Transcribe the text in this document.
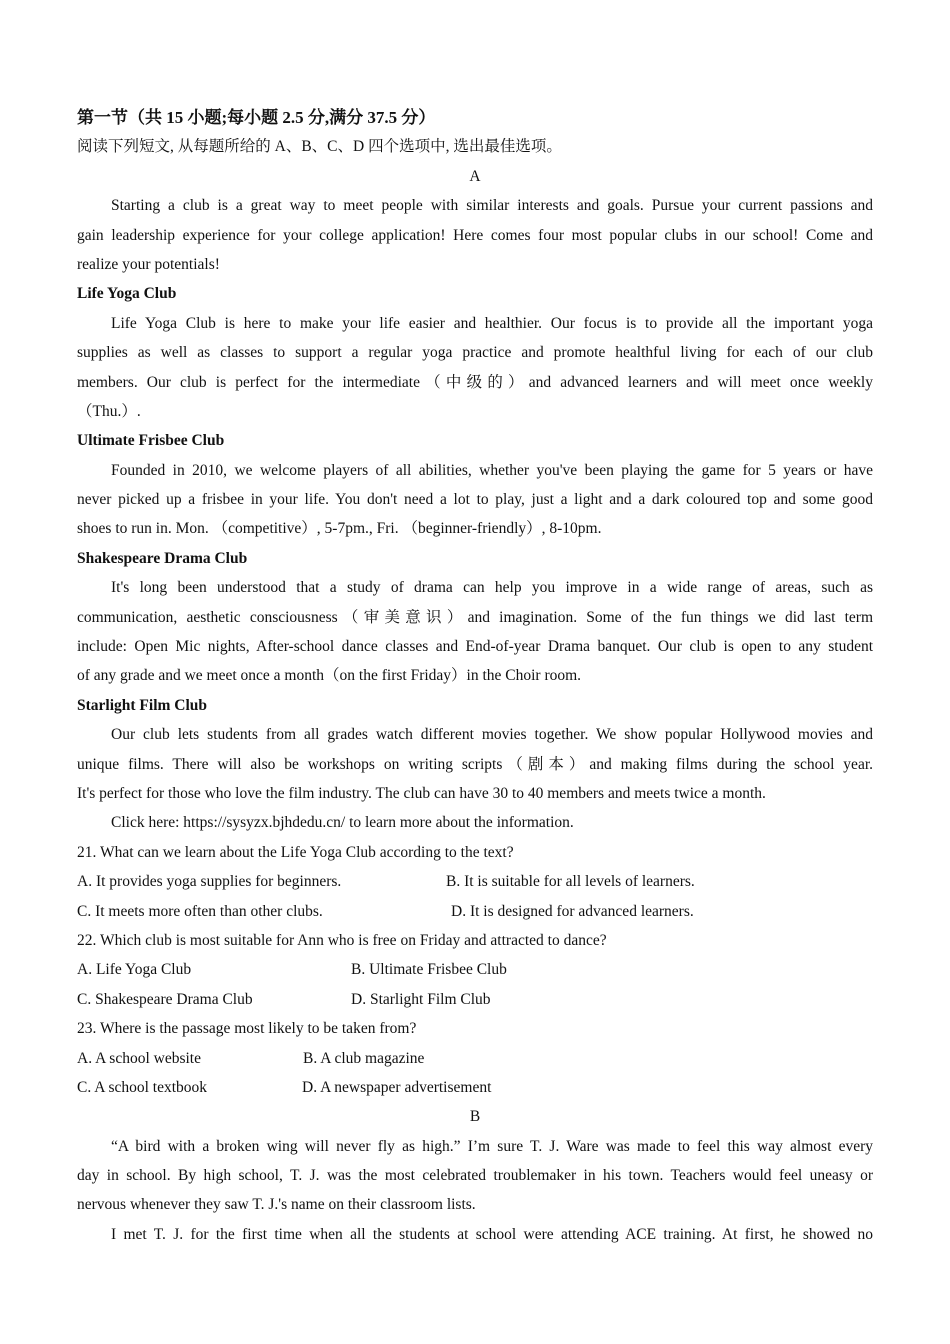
第一节（共 15 小题;每小题 2.5 分,满分 37.5 分）
阅读下列短文, 从每题所给的 A、B、C、D 四个选项中, 选出最佳选项。
A
Starting a club is a great way to meet people with similar interests and goals. Pursue your current passions and
gain leadership experience for your college application! Here comes four most popular clubs in our school! Come and
realize your potentials!
Life Yoga Club
Life Yoga Club is here to make your life easier and healthier. Our focus is to provide all the important yoga
supplies as well as classes to support a regular yoga practice and promote healthful living for each of our club
members. Our club is perfect for the intermediate（中级的）and advanced learners and will meet once weekly
（Thu.）.
Ultimate Frisbee Club
Founded in 2010, we welcome players of all abilities, whether you've been playing the game for 5 years or have
never picked up a frisbee in your life. You don't need a lot to play, just a light and a dark coloured top and some good
shoes to run in. Mon. （competitive）, 5-7pm., Fri. （beginner-friendly）, 8-10pm.
Shakespeare Drama Club
It's long been understood that a study of drama can help you improve in a wide range of areas, such as
communication, aesthetic consciousness（审美意识）and imagination. Some of the fun things we did last term
include: Open Mic nights, After-school dance classes and End-of-year Drama banquet. Our club is open to any student
of any grade and we meet once a month（on the first Friday）in the Choir room.
Starlight Film Club
Our club lets students from all grades watch different movies together. We show popular Hollywood movies and
unique films. There will also be workshops on writing scripts（剧本）and making films during the school year.
It's perfect for those who love the film industry. The club can have 30 to 40 members and meets twice a month.
Click here: https://sysyzx.bjhdedu.cn/ to learn more about the information.
21. What can we learn about the Life Yoga Club according to the text?
A. It provides yoga supplies for beginners.	B. It is suitable for all levels of learners.
C. It meets more often than other clubs.	D. It is designed for advanced learners.
22. Which club is most suitable for Ann who is free on Friday and attracted to dance?
A. Life Yoga Club	B. Ultimate Frisbee Club
C. Shakespeare Drama Club	D. Starlight Film Club
23. Where is the passage most likely to be taken from?
A. A school website	B. A club magazine
C. A school textbook	D. A newspaper advertisement
B
“A bird with a broken wing will never fly as high.” I’m sure T. J. Ware was made to feel this way almost every
day in school. By high school, T. J. was the most celebrated troublemaker in his town. Teachers would feel uneasy or
nervous whenever they saw T. J.'s name on their classroom lists.
I met T. J. for the first time when all the students at school were attending ACE training. At first, he showed no
